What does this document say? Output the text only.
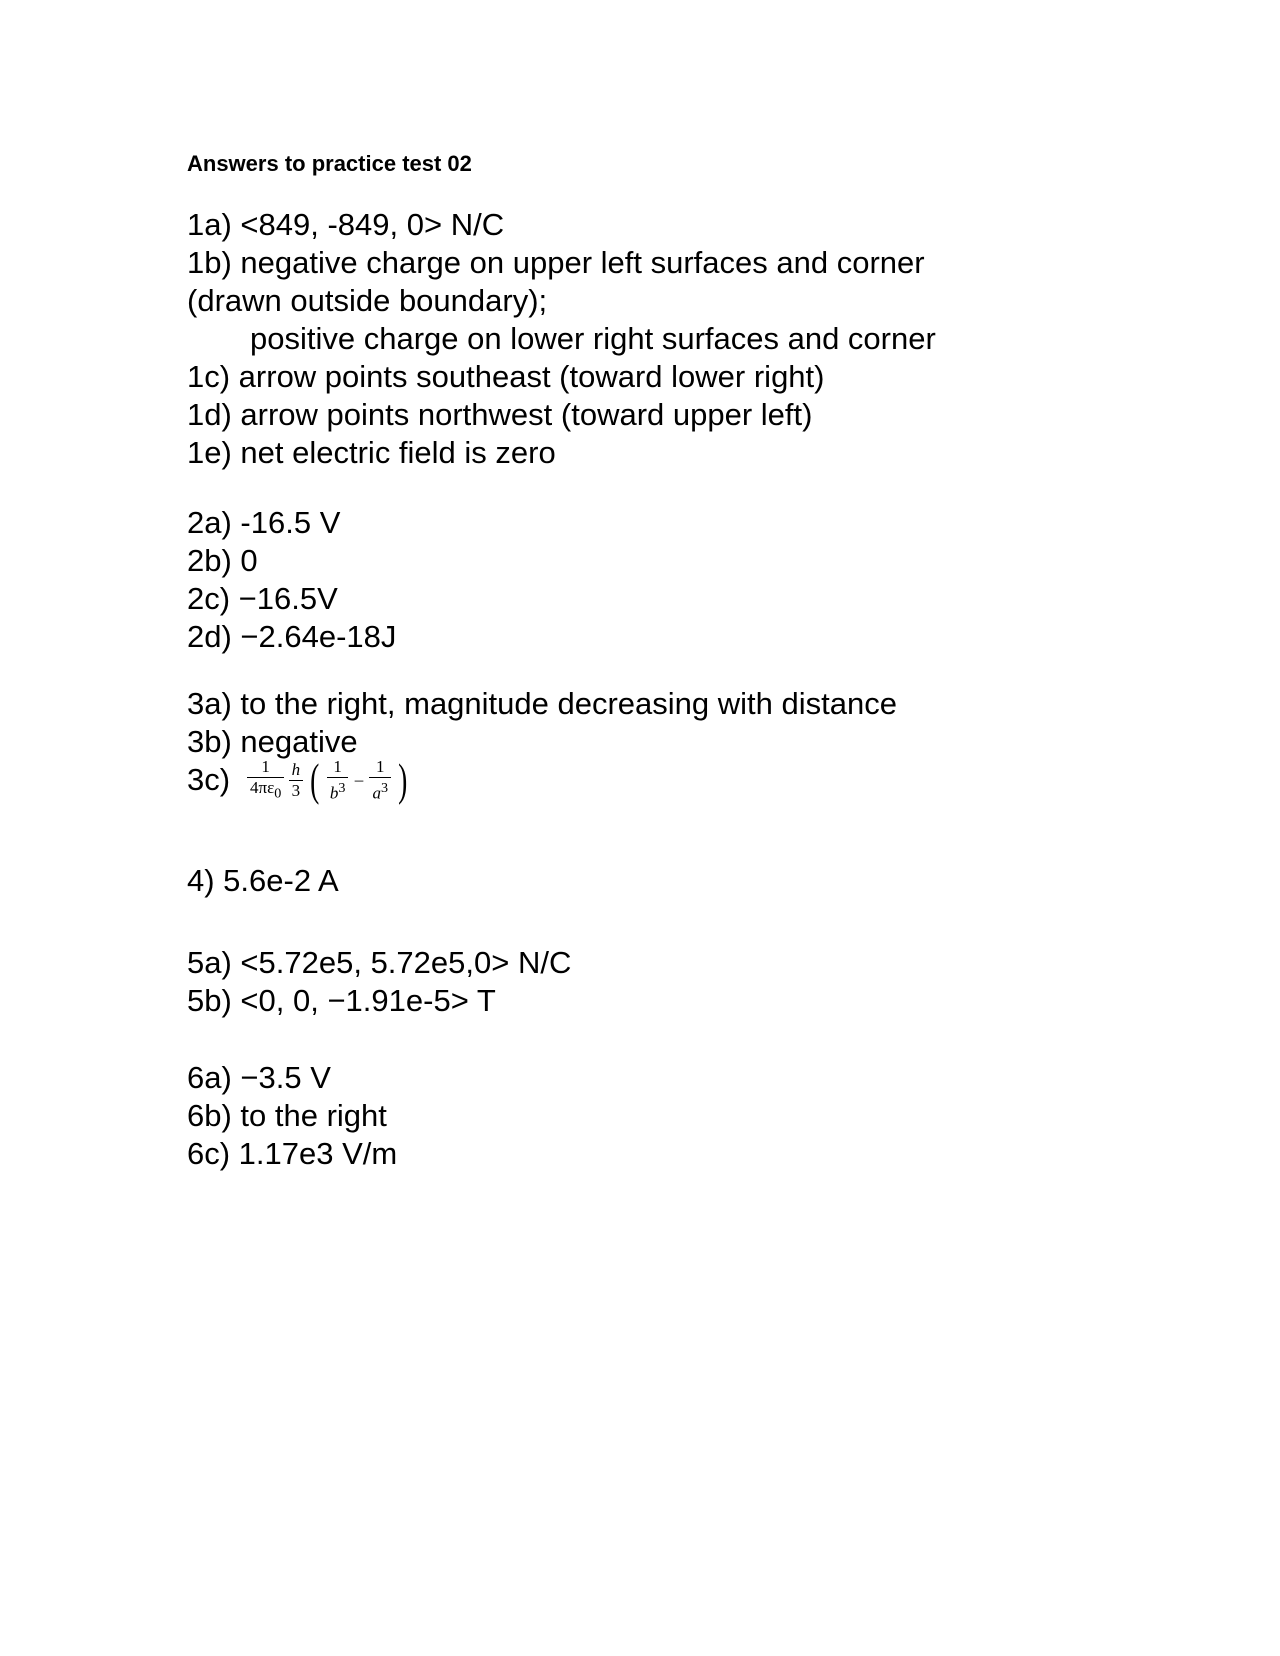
Answers to practice test 02
1a) <849, -849, 0> N/C
1b) negative charge on upper left surfaces and corner
(drawn outside boundary);
positive charge on lower right surfaces and corner
1c) arrow points southeast (toward lower right)
1d) arrow points northwest (toward upper left)
1e) net electric field is zero
2a) -16.5 V
2b) 0
2c) −16.5V
2d) −2.64e-18J
3a) to the right, magnitude decreasing with distance
3b) negative
$3c) \frac{1}{4\pi\varepsilon_0}$
$\frac{h}{3}$ ( $\frac{1}{b^3} - \frac{1}{a^3}$ )
4) 5.6e-2 A
5a) <5.72e5, 5.72e5,0> N/C
5b) <0, 0, −1.91e-5> T
6a) −3.5 V
6b) to the right
6c) 1.17e3 V/m
